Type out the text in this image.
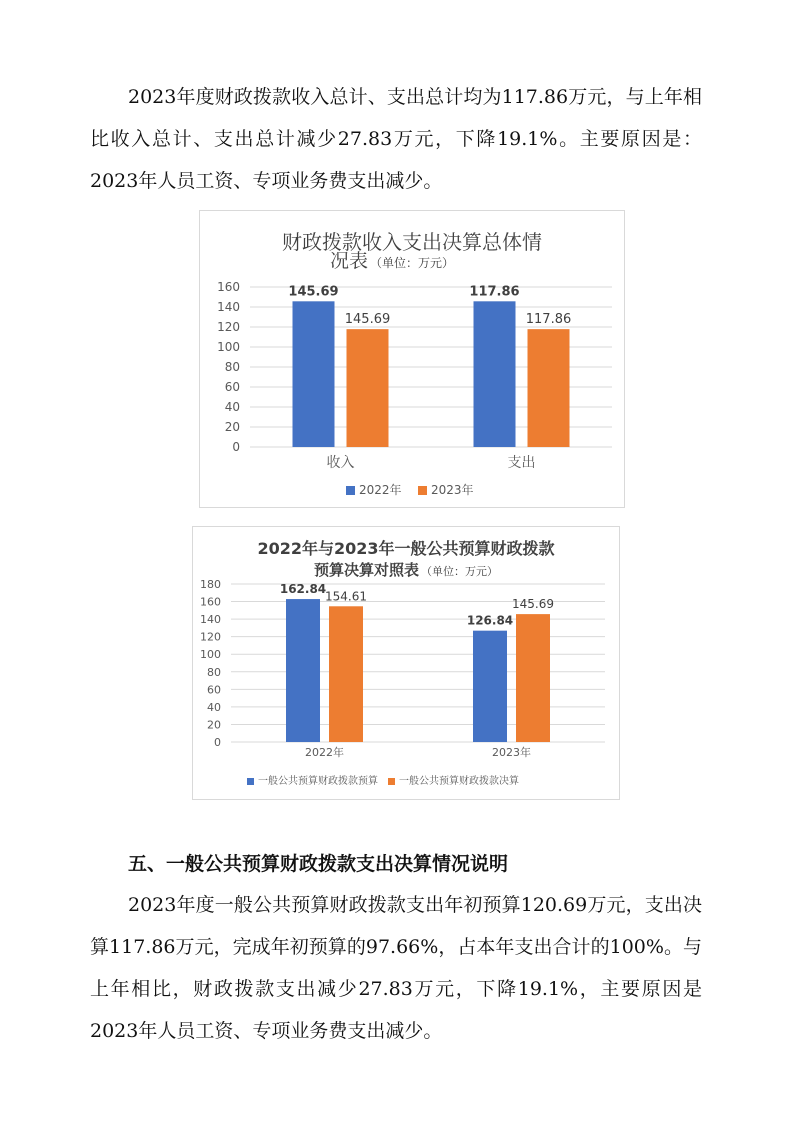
2023年度财政拨款收入总计、支出总计均为117.86万元，与上年相比收入总计、支出总计减少27.83万元，下降19.1%。主要原因是：2023年人员工资、专项业务费支出减少。

财政拨款收入支出决算总体情
况表 （单位：万元）
0
20
40
60
80
100
120
140
160	145.69
145.69
117.86
117.86
收入	支出
2022年 2023年
2022年与2023年一般公共预算财政拨款
预算决算对照表 （单位：万元）
0
20
40
60
80
100
120
140
160
180	162.84
154.61
126.84
145.69
2022年	2023年
一般公共预算财政拨款预算 一般公共预算财政拨款决算
五、一般公共预算财政拨款支出决算情况说明

2023年度一般公共预算财政拨款支出年初预算120.69万元，支出决算117.86万元，完成年初预算的97.66%，占本年支出合计的100%。与上年相比，财政拨款支出减少27.83万元，下降19.1%，主要原因是2023年人员工资、专项业务费支出减少。
